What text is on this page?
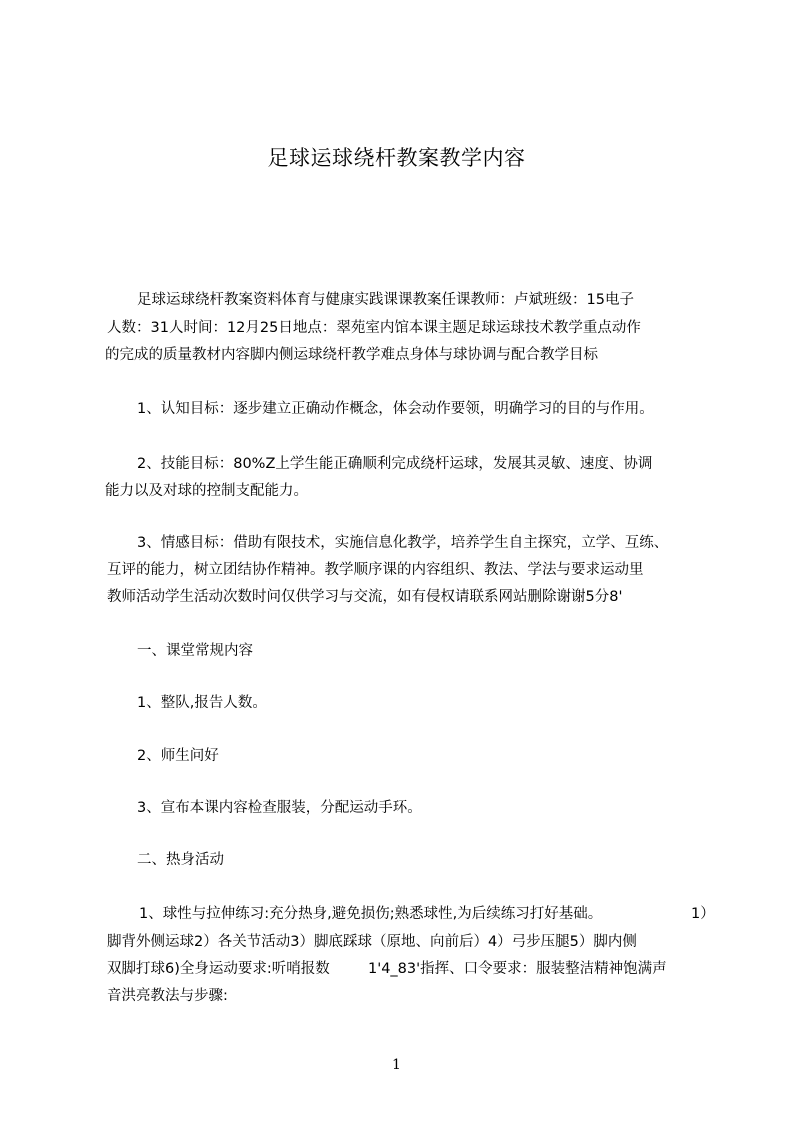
足球运球绕杆教案教学内容
足球运球绕杆教案资料体育与健康实践课课教案任课教师：卢斌班级：15电子
人数：31人时间：12月25日地点：翠苑室内馆本课主题足球运球技术教学重点动作
的完成的质量教材内容脚内侧运球绕杆教学难点身体与球协调与配合教学目标
1、认知目标：逐步建立正确动作概念，体会动作要领，明确学习的目的与作用。
2、技能目标：80%Z上学生能正确顺利完成绕杆运球，发展其灵敏、速度、协调
能力以及对球的控制支配能力。
3、情感目标：借助有限技术，实施信息化教学，培养学生自主探究，立学、互练、
互评的能力，树立团结协作精神。教学顺序课的内容组织、教法、学法与要求运动里
教师活动学生活动次数时问仅供学习与交流，如有侵权请联系网站删除谢谢5分8'
一、课堂常规内容
1、整队,报告人数。
2、师生问好
3、宣布本课内容检查服装，分配运动手环。
二、热身活动
1、球性与拉伸练习:充分热身,避免损伤;熟悉球性,为后续练习打好基础。	1）
脚背外侧运球2）各关节活动3）脚底踩球（原地、向前后）4）弓步压腿5）脚内侧
双脚打球6)全身运动要求:听哨报数	1'4_83'指挥、口令要求：服装整洁精神饱满声
音洪亮教法与步骤:
1
